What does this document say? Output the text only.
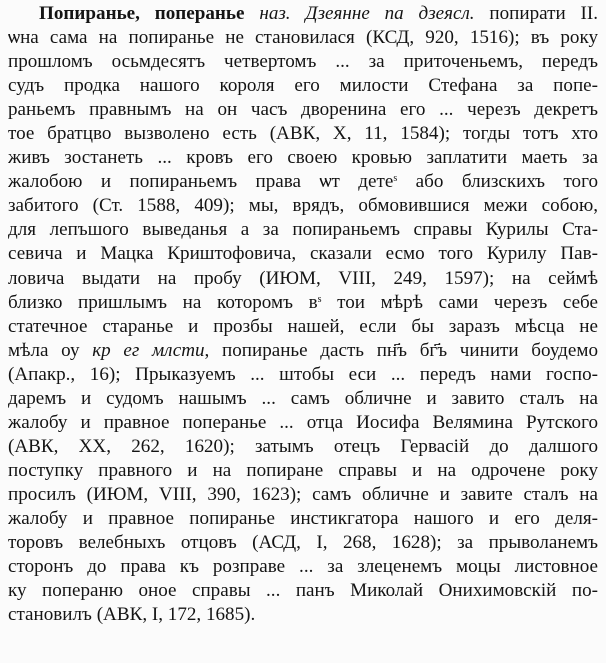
Попиранье, поперанье наз. Дзеянне па дзеясл. попирати II.
ѡна сама на попиранье не становилася (КСД, 920, 1516); въ року
прошломъ осьмдесятъ четвертомъ ... за приточеньемъ, передъ
судъ продка нашого короля его милости Стефана за попе-
раньемъ правнымъ на он часъ дворенина его ... черезъ декретъ
тое братцво вызволено есть (АВК, X, 11, 1584); тогды тотъ хто
живъ зостанеть ... кровъ его своею кровью заплатити маеть за
жалобою и попираньемъ права ѡт дете$^s$ або близскихъ того
забитого (Ст. 1588, 409); мы, врядъ, обмовившися межи собою,
для лепъшого выведанья а за попираньемъ справы Курилы Ста-
севича и Мацка Криштофовича, сказали есмо того Курилу Пав-
ловича выдати на пробу (ИЮМ, VIII, 249, 1597); на сеймѣ
близко пришлымъ на которомъ $в^s$ тои мѣрѣ сами черезъ себе
статечное старанье и прозбы нашей, если бы заразъ мѣсца не
мѣла оу кр ег млсти, попиранье дасть пн҃ъ бг҃ъ чинити боудемо
(Апакр., 16); Прыказуемъ ... штобы еси ... передъ нами госпо-
даремъ и судомъ нашымъ ... самъ обличне и завито сталъ на
жалобу и правное поперанье ... отца Иосифа Велямина Рутского
(АВК, XX, 262, 1620); затымъ отецъ Гервасій до далшого
поступку правного и на попиране справы и на одрочене року
просилъ (ИЮМ, VIII, 390, 1623); самъ обличне и завите сталъ на
жалобу и правное попиранье инстикгатора нашого и его деля-
торовъ велебныхъ отцовъ (АСД, I, 268, 1628); за прыволанемъ
сторонъ до права къ розправе ... за злеценемъ моцы листовное
ку попераню оное справы ... панъ Миколай Онихимовскій по-
становилъ (АВК, I, 172, 1685).
